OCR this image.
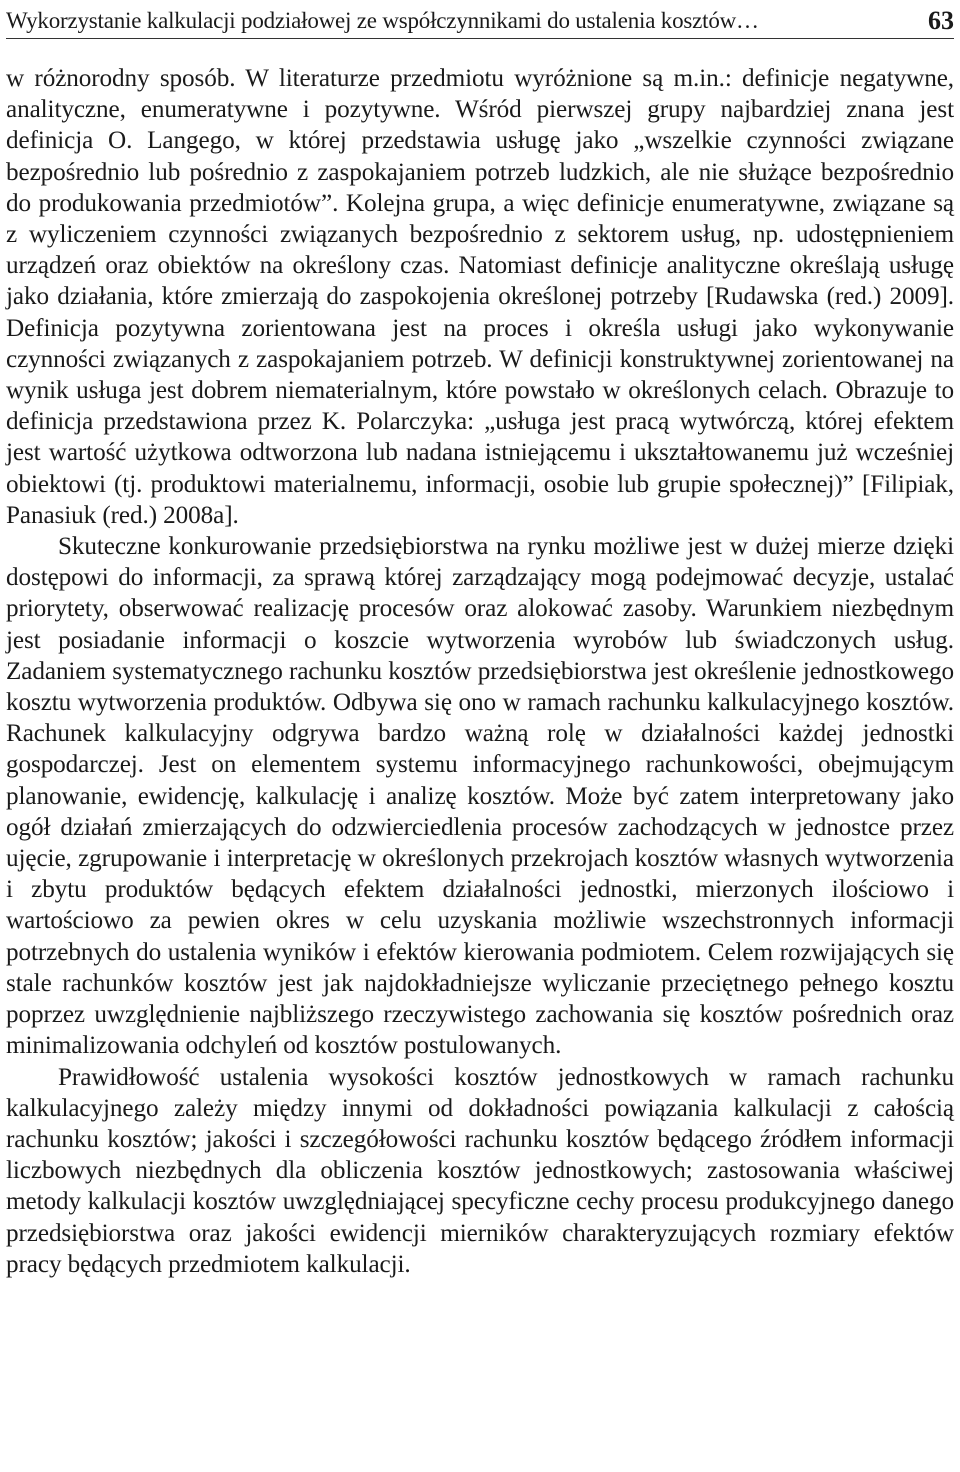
Wykorzystanie kalkulacji podziałowej ze współczynnikami do ustalenia kosztów…	63

w różnorodny sposób. W literaturze przedmiotu wyróżnione są m.in.: definicje negatywne, analityczne, enumeratywne i pozytywne. Wśród pierwszej grupy najbardziej znana jest definicja O. Langego, w której przedstawia usługę jako „wszelkie czynności związane bezpośrednio lub pośrednio z zaspokajaniem potrzeb ludzkich, ale nie służące bezpośrednio do produkowania przedmiotów”. Kolejna grupa, a więc definicje enumeratywne, związane są z wyliczeniem czynności związanych bezpośrednio z sektorem usług, np. udostępnieniem urządzeń oraz obiektów na określony czas. Natomiast definicje analityczne określają usługę jako działania, które zmierzają do zaspokojenia określonej potrzeby [Rudawska (red.) 2009]. Definicja pozytywna zorientowana jest na proces i określa usługi jako wykonywanie czynności związanych z zaspokajaniem potrzeb. W definicji konstruktywnej zorientowanej na wynik usługa jest dobrem niematerialnym, które powstało w określonych celach. Obrazuje to definicja przedstawiona przez K. Polarczyka: „usługa jest pracą wytwórczą, której efektem jest wartość użytkowa odtworzona lub nadana istniejącemu i ukształtowanemu już wcześniej obiektowi (tj. produktowi materialnemu, informacji, osobie lub grupie społecznej)” [Filipiak, Panasiuk (red.) 2008a].

Skuteczne konkurowanie przedsiębiorstwa na rynku możliwe jest w dużej mierze dzięki dostępowi do informacji, za sprawą której zarządzający mogą podejmować decyzje, ustalać priorytety, obserwować realizację procesów oraz alokować zasoby. Warunkiem niezbędnym jest posiadanie informacji o koszcie wytworzenia wyrobów lub świadczonych usług. Zadaniem systematycznego rachunku kosztów przedsiębiorstwa jest określenie jednostkowego kosztu wytworzenia produktów. Odbywa się ono w ramach rachunku kalkulacyjnego kosztów. Rachunek kalkulacyjny odgrywa bardzo ważną rolę w działalności każdej jednostki gospodarczej. Jest on elementem systemu informacyjnego rachunkowości, obejmującym planowanie, ewidencję, kalkulację i analizę kosztów. Może być zatem interpretowany jako ogół działań zmierzających do odzwierciedlenia procesów zachodzących w jednostce przez ujęcie, zgrupowanie i interpretację w określonych przekrojach kosztów własnych wytworzenia i zbytu produktów będących efektem działalności jednostki, mierzonych ilościowo i wartościowo za pewien okres w celu uzyskania możliwie wszechstronnych informacji potrzebnych do ustalenia wyników i efektów kierowania podmiotem. Celem rozwijających się stale rachunków kosztów jest jak najdokładniejsze wyliczanie przeciętnego pełnego kosztu poprzez uwzględnienie najbliższego rzeczywistego zachowania się kosztów pośrednich oraz minimalizowania odchyleń od kosztów postulowanych.

Prawidłowość ustalenia wysokości kosztów jednostkowych w ramach rachunku kalkulacyjnego zależy między innymi od dokładności powiązania kalkulacji z całością rachunku kosztów; jakości i szczegółowości rachunku kosztów będącego źródłem informacji liczbowych niezbędnych dla obliczenia kosztów jednostkowych; zastosowania właściwej metody kalkulacji kosztów uwzględniającej specyficzne cechy procesu produkcyjnego danego przedsiębiorstwa oraz jakości ewidencji mierników charakteryzujących rozmiary efektów pracy będących przedmiotem kalkulacji.
